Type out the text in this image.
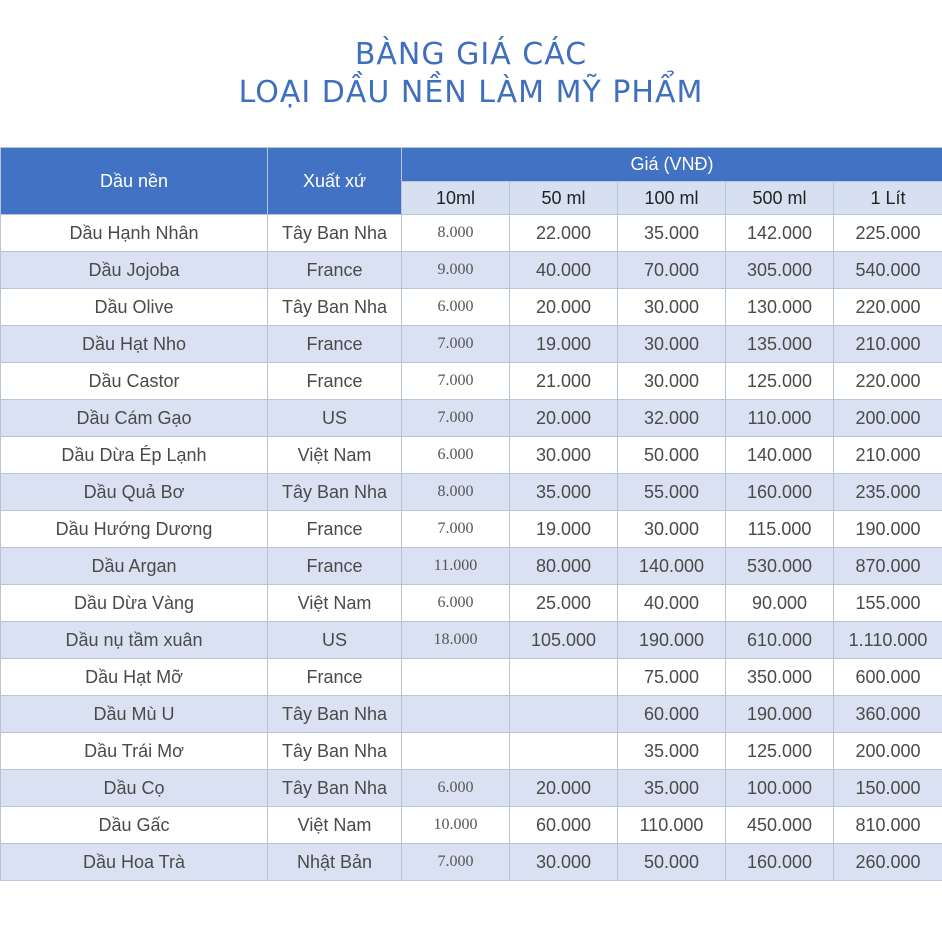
BÀNG GIÁ CÁC
LOẠI DẦU NỀN LÀM MỸ PHẨM
Dầu nền	Xuất xứ	Giá (VNĐ)				
		10ml	50 ml	100 ml	500 ml	1 Lít
Dầu Hạnh Nhân	Tây Ban Nha	8.000	22.000	35.000	142.000	225.000
Dầu Jojoba	France	9.000	40.000	70.000	305.000	540.000
Dầu Olive	Tây Ban Nha	6.000	20.000	30.000	130.000	220.000
Dầu Hạt Nho	France	7.000	19.000	30.000	135.000	210.000
Dầu Castor	France	7.000	21.000	30.000	125.000	220.000
Dầu Cám Gạo	US	7.000	20.000	32.000	110.000	200.000
Dầu Dừa Ép Lạnh	Việt Nam	6.000	30.000	50.000	140.000	210.000
Dầu Quả Bơ	Tây Ban Nha	8.000	35.000	55.000	160.000	235.000
Dầu Hướng Dương	France	7.000	19.000	30.000	115.000	190.000
Dầu Argan	France	11.000	80.000	140.000	530.000	870.000
Dầu Dừa Vàng	Việt Nam	6.000	25.000	40.000	90.000	155.000
Dầu nụ tầm xuân	US	18.000	105.000	190.000	610.000	1.110.000
Dầu Hạt Mỡ	France			75.000	350.000	600.000
Dầu Mù U	Tây Ban Nha			60.000	190.000	360.000
Dầu Trái Mơ	Tây Ban Nha			35.000	125.000	200.000
Dầu Cọ	Tây Ban Nha	6.000	20.000	35.000	100.000	150.000
Dầu Gấc	Việt Nam	10.000	60.000	110.000	450.000	810.000
Dầu Hoa Trà	Nhật Bản	7.000	30.000	50.000	160.000	260.000
